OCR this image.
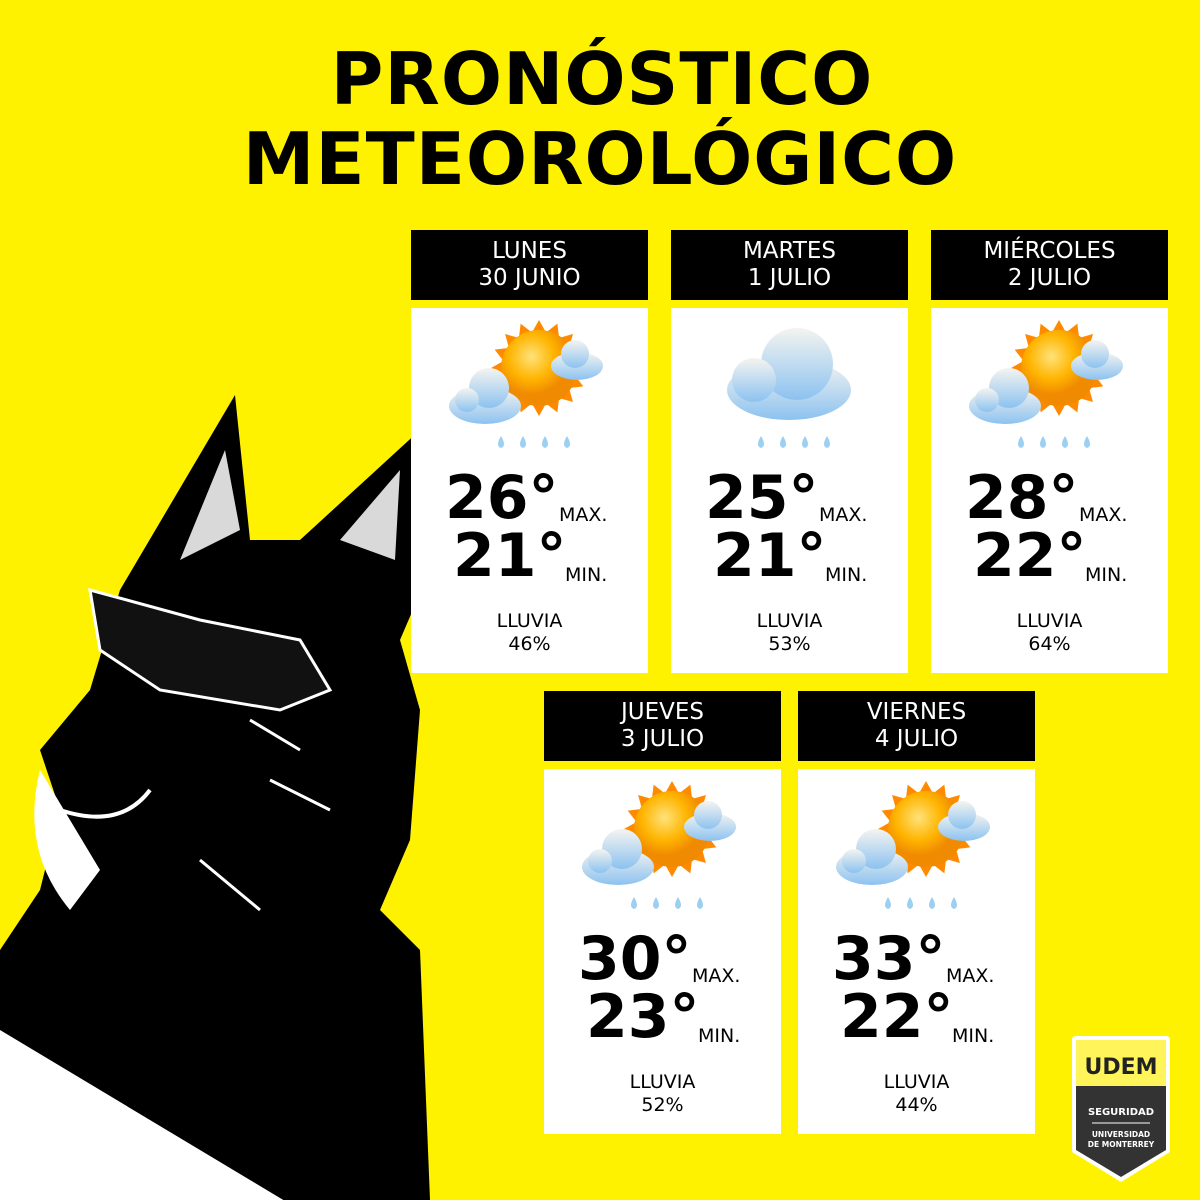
PRONÓSTICO
METEOROLÓGICO
LUNES
30 JUNIO
26° MAX.
21°
MIN.
LLUVIA
46%
MARTES
1 JULIO
25° MAX.
21°
MIN.
LLUVIA
53%
MIÉRCOLES
2 JULIO
28° MAX.
22°
MIN.
LLUVIA
64%
JUEVES
3 JULIO
30° MAX.
23°
MIN.
LLUVIA
52%
VIERNES
4 JULIO
33° MAX.
22°
MIN.
LLUVIA
44%
UDEM
SEGURIDAD
UNIVERSIDAD
DE MONTERREY
